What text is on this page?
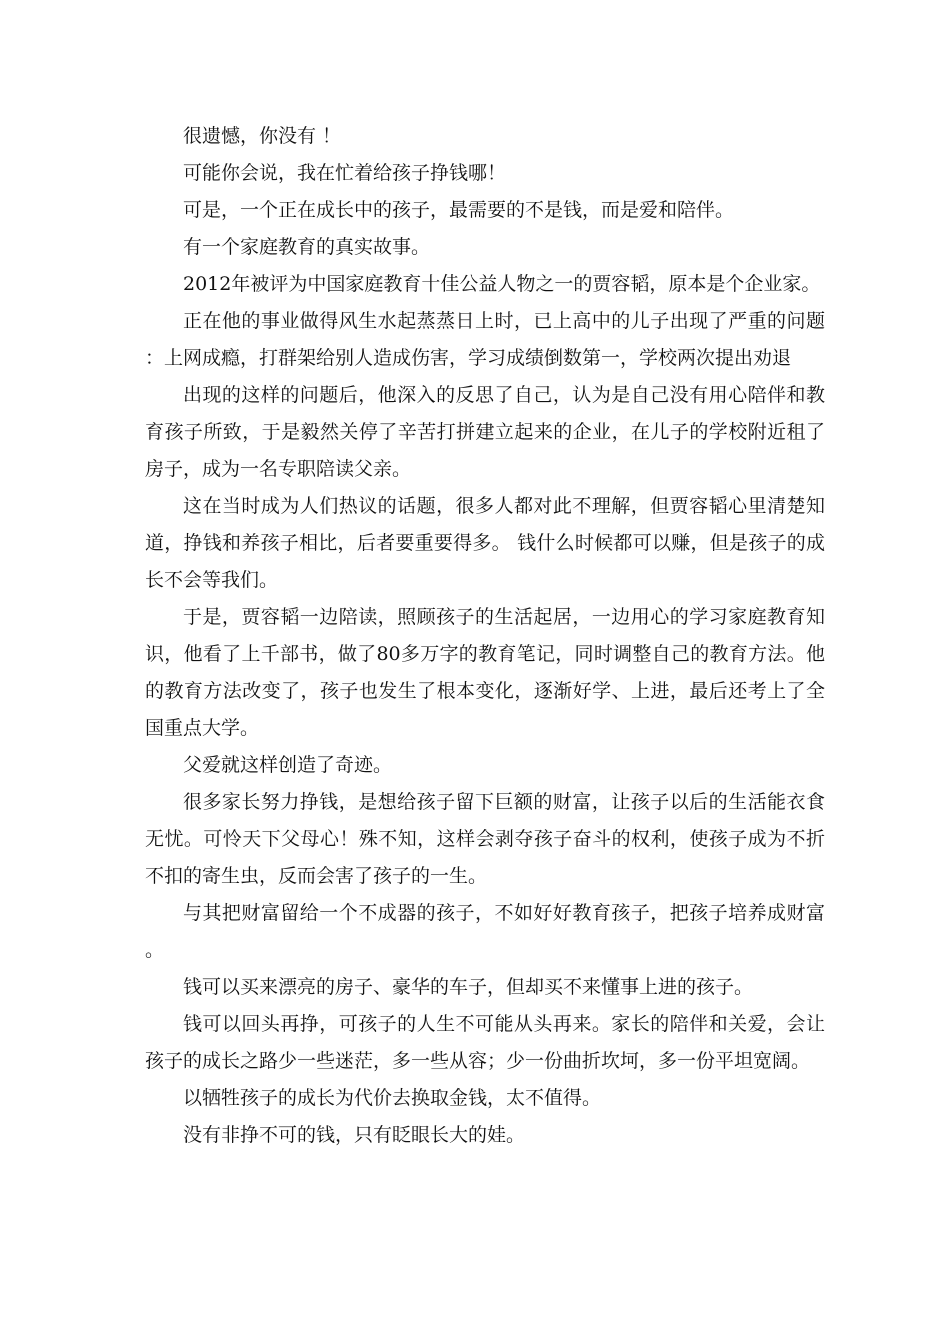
很遗憾，你没有 ！

可能你会说，我在忙着给孩子挣钱哪！

可是，一个正在成长中的孩子，最需要的不是钱，而是爱和陪伴。

有一个家庭教育的真实故事。

2012年被评为中国家庭教育十佳公益人物之一的贾容韬，原本是个企业家。

正在他的事业做得风生水起蒸蒸日上时，已上高中的儿子出现了严重的问题：上网成瘾，打群架给别人造成伤害，学习成绩倒数第一，学校两次提出劝退

出现的这样的问题后，他深入的反思了自己，认为是自己没有用心陪伴和教育孩子所致，于是毅然关停了辛苦打拼建立起来的企业，在儿子的学校附近租了房子，成为一名专职陪读父亲。

这在当时成为人们热议的话题，很多人都对此不理解，但贾容韬心里清楚知道，挣钱和养孩子相比，后者要重要得多。 钱什么时候都可以赚，但是孩子的成长不会等我们。

于是，贾容韬一边陪读，照顾孩子的生活起居，一边用心的学习家庭教育知识，他看了上千部书，做了80多万字的教育笔记，同时调整自己的教育方法。他的教育方法改变了，孩子也发生了根本变化，逐渐好学、上进，最后还考上了全国重点大学。

父爱就这样创造了奇迹。

很多家长努力挣钱，是想给孩子留下巨额的财富，让孩子以后的生活能衣食无忧。可怜天下父母心！殊不知，这样会剥夺孩子奋斗的权利，使孩子成为不折不扣的寄生虫，反而会害了孩子的一生。

与其把财富留给一个不成器的孩子，不如好好教育孩子，把孩子培养成财富。

钱可以买来漂亮的房子、豪华的车子，但却买不来懂事上进的孩子。

钱可以回头再挣，可孩子的人生不可能从头再来。家长的陪伴和关爱，会让孩子的成长之路少一些迷茫，多一些从容；少一份曲折坎坷，多一份平坦宽阔。

以牺牲孩子的成长为代价去换取金钱，太不值得。

没有非挣不可的钱，只有眨眼长大的娃。
